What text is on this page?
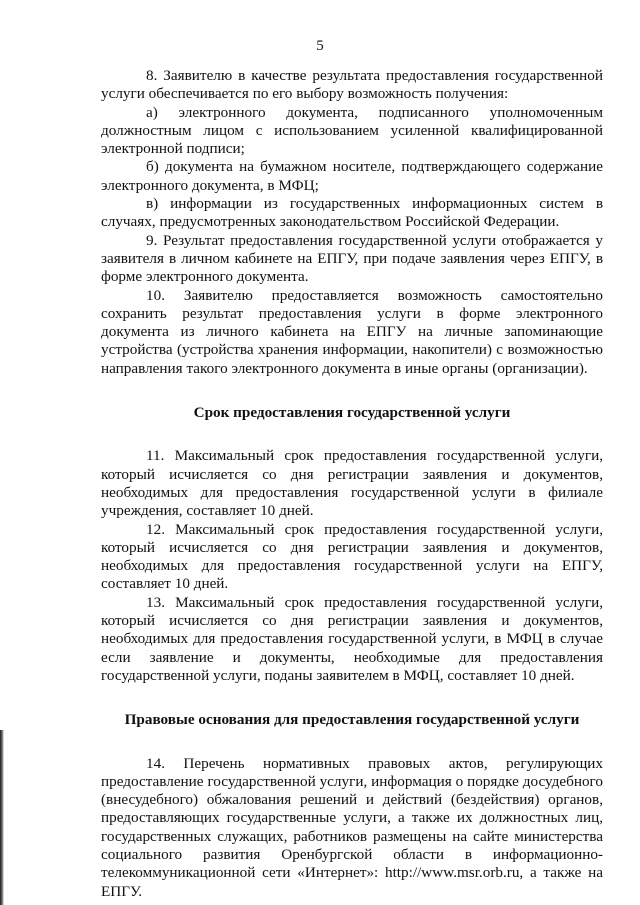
5

8. Заявителю в качестве результата предоставления государственной услуги обеспечивается по его выбору возможность получения:

а) электронного документа, подписанного уполномоченным должностным лицом с использованием усиленной квалифицированной электронной подписи;

б) документа на бумажном носителе, подтверждающего содержание электронного документа, в МФЦ;

в) информации из государственных информационных систем в случаях, предусмотренных законодательством Российской Федерации.

9. Результат предоставления государственной услуги отображается у заявителя в личном кабинете на ЕПГУ, при подаче заявления через ЕПГУ, в форме электронного документа.

10. Заявителю предоставляется возможность самостоятельно сохранить результат предоставления услуги в форме электронного документа из личного кабинета на ЕПГУ на личные запоминающие устройства (устройства хранения информации, накопители) с возможностью направления такого электронного документа в иные органы (организации).

Срок предоставления государственной услуги

11. Максимальный срок предоставления государственной услуги, который исчисляется со дня регистрации заявления и документов, необходимых для предоставления государственной услуги в филиале учреждения, составляет 10 дней.

12. Максимальный срок предоставления государственной услуги, который исчисляется со дня регистрации заявления и документов, необходимых для предоставления государственной услуги на ЕПГУ, составляет 10 дней.

13. Максимальный срок предоставления государственной услуги, который исчисляется со дня регистрации заявления и документов, необходимых для предоставления государственной услуги, в МФЦ в случае если заявление и документы, необходимые для предоставления государственной услуги, поданы заявителем в МФЦ, составляет 10 дней.

Правовые основания для предоставления государственной услуги

14. Перечень нормативных правовых актов, регулирующих предоставление государственной услуги, информация о порядке досудебного (внесудебного) обжалования решений и действий (бездействия) органов, предоставляющих государственные услуги, а также их должностных лиц, государственных служащих, работников размещены на сайте министерства социального развития Оренбургской области в информационно-телекоммуникационной сети «Интернет»: http://www.msr.orb.ru, а также на ЕПГУ.
